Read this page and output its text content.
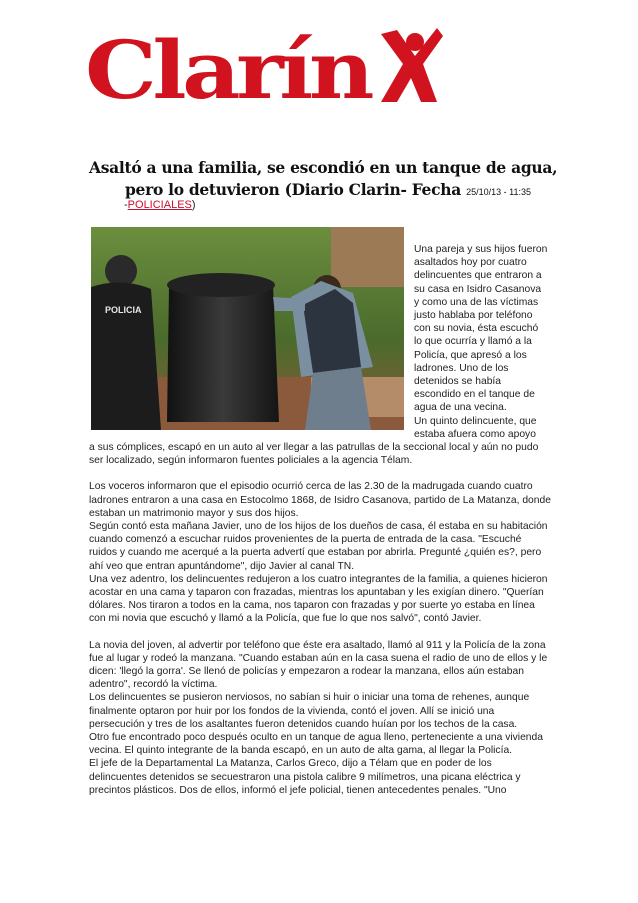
Clarín
Asaltó a una familia, se escondió en un tanque de agua,
pero lo detuvieron (Diario Clarin- Fecha 25/10/13 - 11:35
-POLICIALES)
POLICIA

Una pareja y sus hijos fueron asaltados hoy por cuatro delincuentes que entraron a su casa en Isidro Casanova y como una de las víctimas justo hablaba por teléfono con su novia, ésta escuchó lo que ocurría y llamó a la Policía, que apresó a los ladrones. Uno de los detenidos se había escondido en el tanque de agua de una vecina.

Un quinto delincuente, que estaba afuera como apoyo

a sus cómplices, escapó en un auto al ver llegar a las patrullas de la seccional local y aún no pudo ser localizado, según informaron fuentes policiales a la agencia Télam.

Los voceros informaron que el episodio ocurrió cerca de las 2.30 de la madrugada cuando cuatro ladrones entraron a una casa en Estocolmo 1868, de Isidro Casanova, partido de La Matanza, donde estaban un matrimonio mayor y sus dos hijos.

Según contó esta mañana Javier, uno de los hijos de los dueños de casa, él estaba en su habitación cuando comenzó a escuchar ruidos provenientes de la puerta de entrada de la casa. "Escuché ruidos y cuando me acerqué a la puerta advertí que estaban por abrirla. Pregunté ¿quién es?, pero ahí veo que entran apuntándome", dijo Javier al canal TN.

Una vez adentro, los delincuentes redujeron a los cuatro integrantes de la familia, a quienes hicieron acostar en una cama y taparon con frazadas, mientras los apuntaban y les exigían dinero. "Querían dólares. Nos tiraron a todos en la cama, nos taparon con frazadas y por suerte yo estaba en línea con mi novia que escuchó y llamó a la Policía, que fue lo que nos salvó", contó Javier.

La novia del joven, al advertir por teléfono que éste era asaltado, llamó al 911 y la Policía de la zona fue al lugar y rodeó la manzana. "Cuando estaban aún en la casa suena el radio de uno de ellos y le dicen: 'llegó la gorra'. Se llenó de policías y empezaron a rodear la manzana, ellos aún estaban adentro", recordó la víctima.

Los delincuentes se pusieron nerviosos, no sabían si huir o iniciar una toma de rehenes, aunque finalmente optaron por huir por los fondos de la vivienda, contó el joven. Allí se inició una persecución y tres de los asaltantes fueron detenidos cuando huían por los techos de la casa.

Otro fue encontrado poco después oculto en un tanque de agua lleno, perteneciente a una vivienda vecina. El quinto integrante de la banda escapó, en un auto de alta gama, al llegar la Policía.

El jefe de la Departamental La Matanza, Carlos Greco, dijo a Télam que en poder de los delincuentes detenidos se secuestraron una pistola calibre 9 milímetros, una picana eléctrica y precintos plásticos. Dos de ellos, informó el jefe policial, tienen antecedentes penales. "Uno
